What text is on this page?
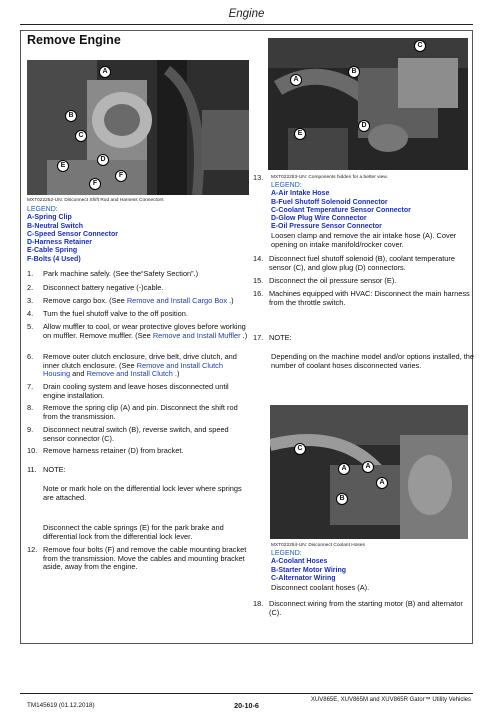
Engine
Remove Engine
A
B
C
D
E
F
F
MXT022252-UN: Disconnect Shift Rod and Harness Connectors
LEGEND:
A-Spring Clip
B-Neutral Switch
C-Speed Sensor Connector
D-Harness Retainer
E-Cable Spring
F-Bolts (4 Used)
1. Park machine safely. (See the“Safety Section”.)
2. Disconnect battery negative (-)cable.
3. Remove cargo box. (See Remove and Install Cargo Box .)
4. Turn the fuel shutoff valve to the off position.
5. Allow muffler to cool, or wear protective gloves before working on muffler. Remove muffler. (See Remove and Install Muffler .)
6. Remove outer clutch enclosure, drive belt, drive clutch, and inner clutch enclosure. (See Remove and Install Clutch Housing and Remove and Install Clutch .)
7. Drain cooling system and leave hoses disconnected until engine installation.
8. Remove the spring clip (A) and pin. Disconnect the shift rod from the transmission.
9. Disconnect neutral switch (B), reverse switch, and speed sensor connector (C).
10. Remove harness retainer (D) from bracket.
11. NOTE:
Note or mark hole on the differential lock lever where springs are attached.
Disconnect the cable springs (E) for the park brake and differential lock from the differential lock lever.
12. Remove four bolts (F) and remove the cable mounting bracket from the transmission. Move the cables and mounting bracket aside, away from the engine.
C
B
A
D
E
13. MXT022253-UN: Components hidden for a better view.
LEGEND:
A-Air Intake Hose
B-Fuel Shutoff Solenoid Connector
C-Coolant Temperature Sensor Connector
D-Glow Plug Wire Connector
E-Oil Pressure Sensor Connector
Loosen clamp and remove the air intake hose (A). Cover opening on intake manifold/rocker cover.
14. Disconnect fuel shutoff solenoid (B), coolant temperature sensor (C), and glow plug (D) connectors.
15. Disconnect the oil pressure sensor (E).
16. Machines equipped with HVAC: Disconnect the main harness from the throttle switch.
17. NOTE:
Depending on the machine model and/or options installed, the number of coolant hoses disconnected varies.
C
A	A
A
B
MXT022254-UN: Disconnect Coolant Hoses
LEGEND:
A-Coolant Hoses
B-Starter Motor Wiring
C-Alternator Wiring
Disconnect coolant hoses (A).
18. Disconnect wiring from the starting motor (B) and alternator (C).
TM145619 (01.12.2018)	20-10-6
XUV865E, XUV865M and XUV865R Gator™ Utility Vehicles
